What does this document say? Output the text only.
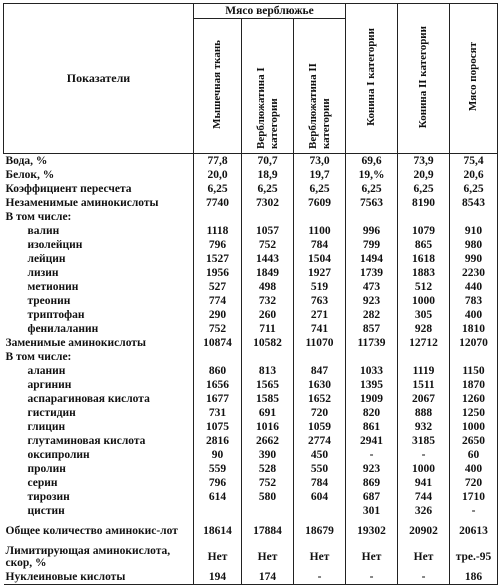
Показатели	Мясо верблюжье			Конина I категории	Конина II категории	Мясо поросят
	Мышечная ткань	Верблюжатина I категории	Верблюжатина II категории			
Вода, %	77,8	70,7	73,0	69,6	73,9	75,4
Белок, %	20,0	18,9	19,7	19,%	20,9	20,6
Коэффициент пересчета	6,25	6,25	6,25	6,25	6,25	6,25
Незаменимые аминокислоты	7740	7302	7609	7563	8190	8543
В том числе:						
валин	1118	1057	1100	996	1079	910
изолейцин	796	752	784	799	865	980
лейцин	1527	1443	1504	1494	1618	990
лизин	1956	1849	1927	1739	1883	2230
метионин	527	498	519	473	512	440
треонин	774	732	763	923	1000	783
триптофан	290	260	271	282	305	400
фенилаланин	752	711	741	857	928	1810
Заменимые аминокислоты	10874	10582	11070	11739	12712	12070
В том числе:						
аланин	860	813	847	1033	1119	1150
аргинин	1656	1565	1630	1395	1511	1870
аспарагиновая кислота	1677	1585	1652	1909	2067	1260
гистидин	731	691	720	820	888	1250
глицин	1075	1016	1059	861	932	1000
глутаминовая кислота	2816	2662	2774	2941	3185	2650
оксипролин	90	390	450	-	-	60
пролин	559	528	550	923	1000	400
серин	796	752	784	869	941	720
тирозин	614	580	604	687	744	1710
цистин				301	326	-
Общее количество аминокис-лот	18614	17884	18679	19302	20902	20613
Лимитирующая аминокислота, скор, %	Нет	Нет	Нет	Нет	Нет	тре.-95
Нуклеиновые кислоты	194	174	-	-	-	186
